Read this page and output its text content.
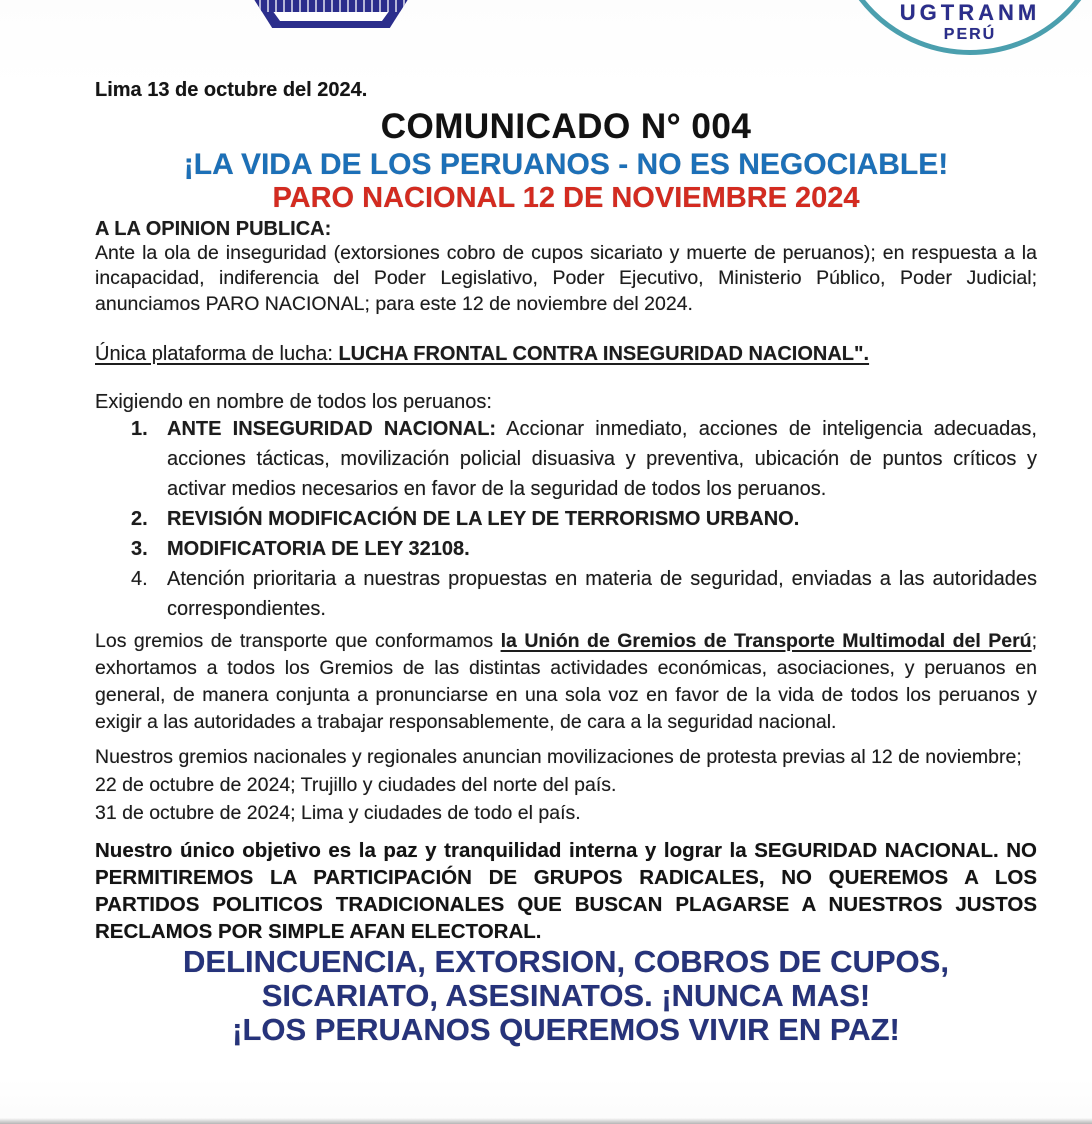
UGTRANM
PERÚ
Lima 13 de octubre del 2024.
COMUNICADO N° 004
¡LA VIDA DE LOS PERUANOS - NO ES NEGOCIABLE!
PARO NACIONAL 12 DE NOVIEMBRE 2024
A LA OPINION PUBLICA:
Ante la ola de inseguridad (extorsiones cobro de cupos sicariato y muerte de peruanos); en respuesta a la incapacidad, indiferencia del Poder Legislativo, Poder Ejecutivo, Ministerio Público, Poder Judicial; anunciamos PARO NACIONAL; para este 12 de noviembre del 2024.
Única plataforma de lucha: LUCHA FRONTAL CONTRA INSEGURIDAD NACIONAL".
Exigiendo en nombre de todos los peruanos:
1. ANTE INSEGURIDAD NACIONAL: Accionar inmediato, acciones de inteligencia adecuadas, acciones tácticas, movilización policial disuasiva y preventiva, ubicación de puntos críticos y activar medios necesarios en favor de la seguridad de todos los peruanos.
2. REVISIÓN MODIFICACIÓN DE LA LEY DE TERRORISMO URBANO.
3. MODIFICATORIA DE LEY 32108.
4. Atención prioritaria a nuestras propuestas en materia de seguridad, enviadas a las autoridades correspondientes.
Los gremios de transporte que conformamos la Unión de Gremios de Transporte Multimodal del Perú; exhortamos a todos los Gremios de las distintas actividades económicas, asociaciones, y peruanos en general, de manera conjunta a pronunciarse en una sola voz en favor de la vida de todos los peruanos y exigir a las autoridades a trabajar responsablemente, de cara a la seguridad nacional.
Nuestros gremios nacionales y regionales anuncian movilizaciones de protesta previas al 12 de noviembre;
22 de octubre de 2024; Trujillo y ciudades del norte del país.
31 de octubre de 2024; Lima y ciudades de todo el país.
Nuestro único objetivo es la paz y tranquilidad interna y lograr la SEGURIDAD NACIONAL. NO PERMITIREMOS LA PARTICIPACIÓN DE GRUPOS RADICALES, NO QUEREMOS A LOS PARTIDOS POLITICOS TRADICIONALES QUE BUSCAN PLAGARSE A NUESTROS JUSTOS RECLAMOS POR SIMPLE AFAN ELECTORAL.
DELINCUENCIA, EXTORSION, COBROS DE CUPOS,
SICARIATO, ASESINATOS. ¡NUNCA MAS!
¡LOS PERUANOS QUEREMOS VIVIR EN PAZ!
